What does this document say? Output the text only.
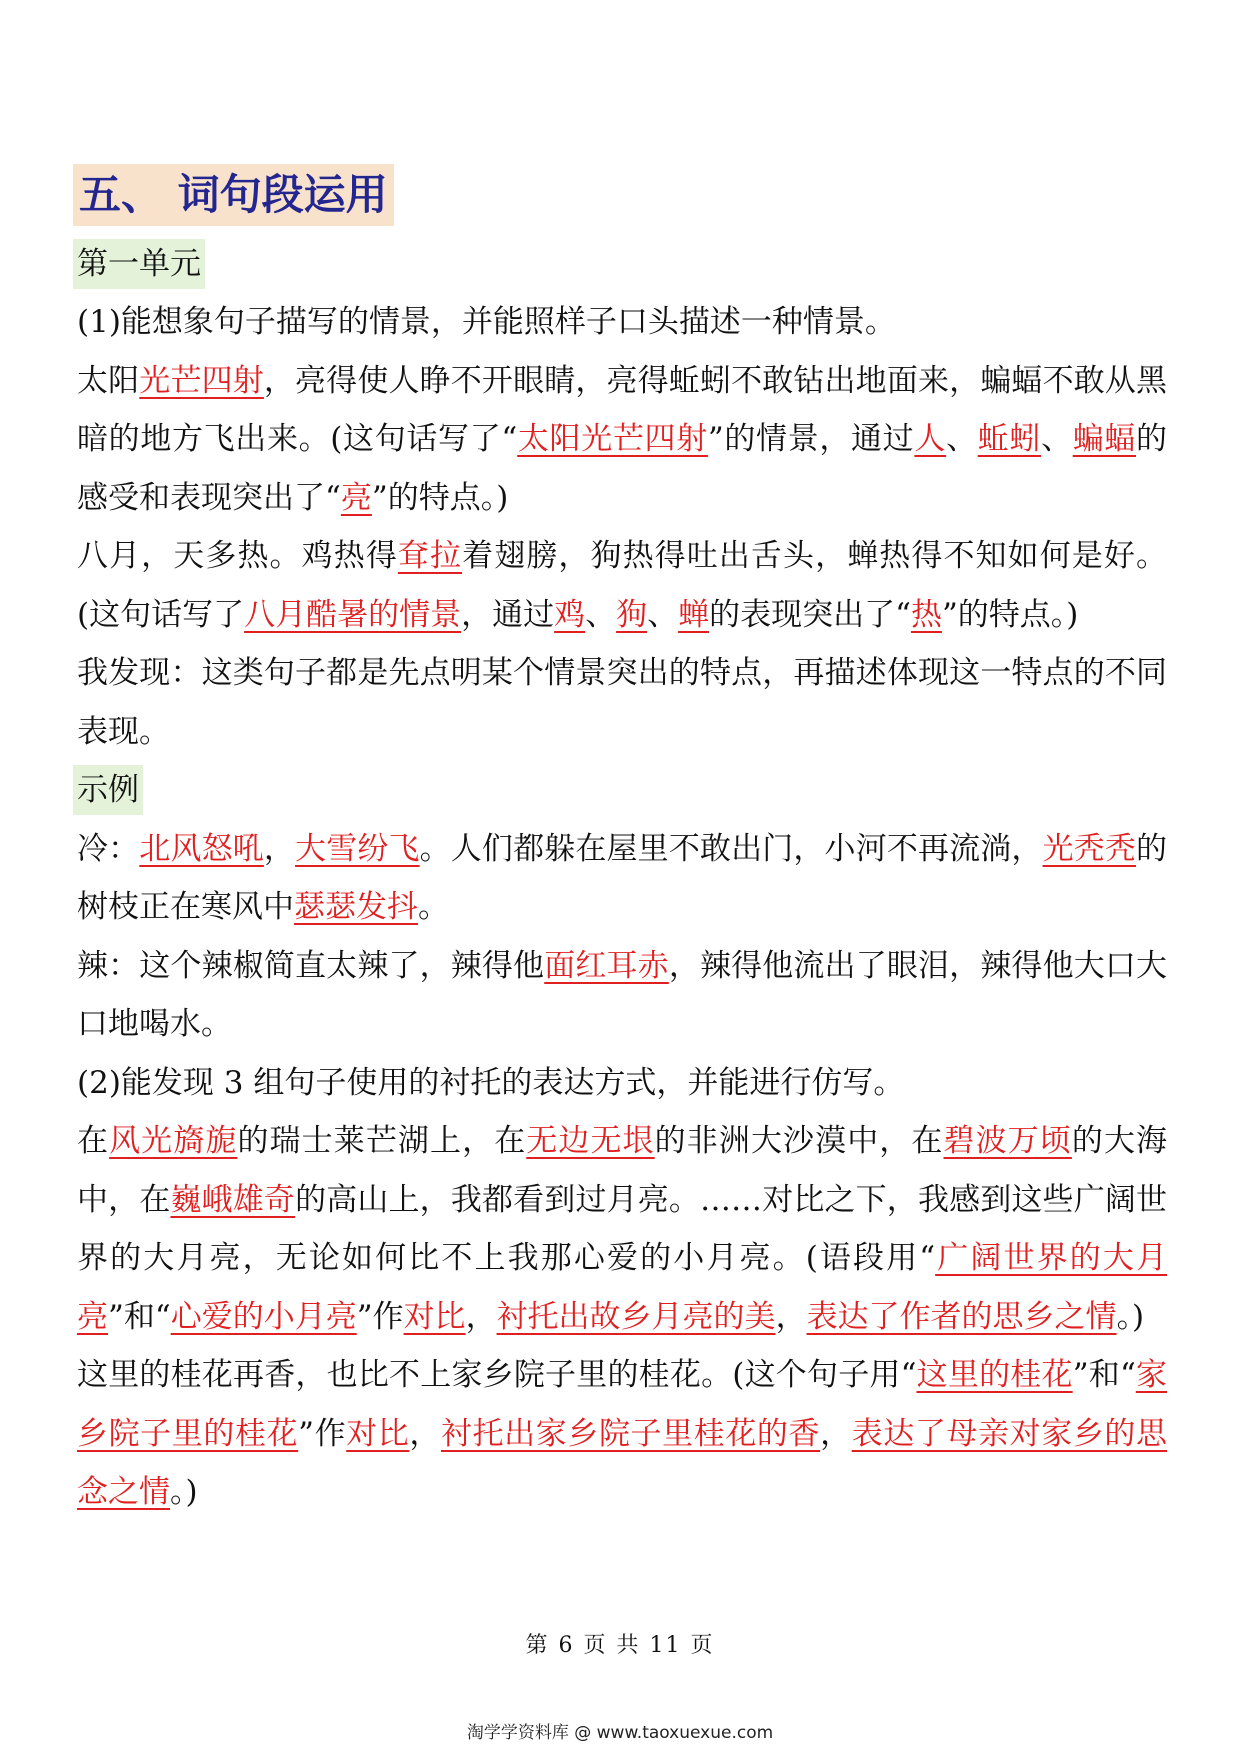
五、 词句段运用
第一单元

(1)能想象句子描写的情景，并能照样子口头描述一种情景。

太阳光芒四射，亮得使人睁不开眼睛，亮得蚯蚓不敢钻出地面来，蝙蝠不敢从黑暗的地方飞出来。(这句话写了“太阳光芒四射”的情景，通过人、蚯蚓、蝙蝠的感受和表现突出了“亮”的特点。)

八月，天多热。鸡热得耷拉着翅膀，狗热得吐出舌头，蝉热得不知如何是好。(这句话写了八月酷暑的情景，通过鸡、狗、蝉的表现突出了“热”的特点。)

我发现：这类句子都是先点明某个情景突出的特点，再描述体现这一特点的不同表现。

示例

冷：北风怒吼，大雪纷飞。人们都躲在屋里不敢出门，小河不再流淌，光秃秃的树枝正在寒风中瑟瑟发抖。

辣：这个辣椒简直太辣了，辣得他面红耳赤，辣得他流出了眼泪，辣得他大口大口地喝水。

(2)能发现 3 组句子使用的衬托的表达方式，并能进行仿写。

在风光旖旎的瑞士莱芒湖上，在无边无垠的非洲大沙漠中，在碧波万顷的大海中，在巍峨雄奇的高山上，我都看到过月亮。……对比之下，我感到这些广阔世界的大月亮，无论如何比不上我那心爱的小月亮。(语段用“广阔世界的大月亮”和“心爱的小月亮”作对比，衬托出故乡月亮的美，表达了作者的思乡之情。)

这里的桂花再香，也比不上家乡院子里的桂花。(这个句子用“这里的桂花”和“家乡院子里的桂花”作对比，衬托出家乡院子里桂花的香，表达了母亲对家乡的思念之情。)

第 6 页 共 11 页
淘学学资料库 @ www.taoxuexue.com
